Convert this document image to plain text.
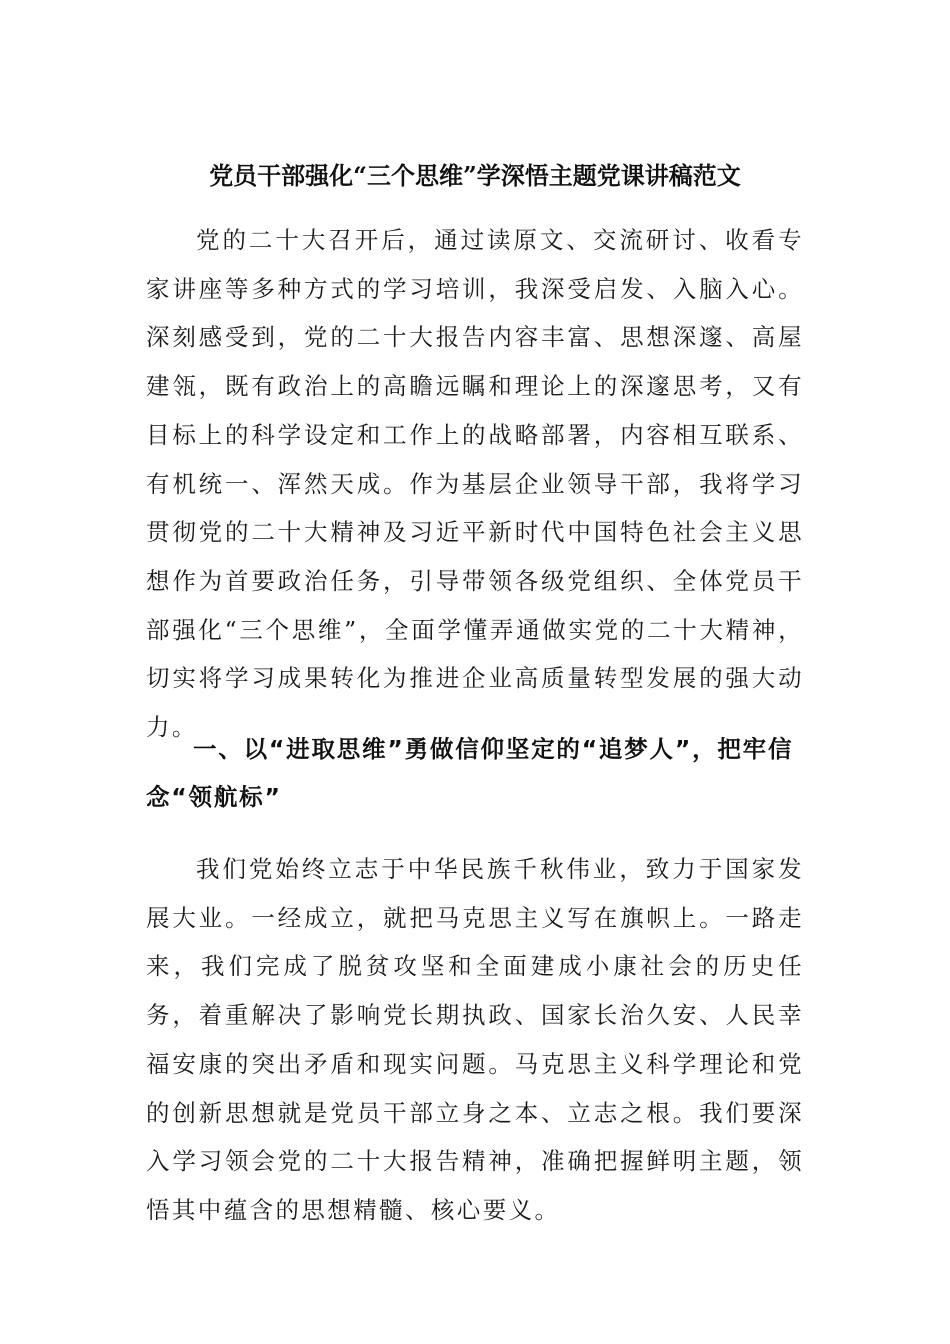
党员干部强化“三个思维”学深悟主题党课讲稿范文

党的二十大召开后，通过读原文、交流研讨、收看专家讲座等多种方式的学习培训，我深受启发、入脑入心。深刻感受到，党的二十大报告内容丰富、思想深邃、高屋建瓴，既有政治上的高瞻远瞩和理论上的深邃思考，又有目标上的科学设定和工作上的战略部署，内容相互联系、有机统一、浑然天成。作为基层企业领导干部，我将学习贯彻党的二十大精神及习近平新时代中国特色社会主义思想作为首要政治任务，引导带领各级党组织、全体党员干部强化“三个思维”，全面学懂弄通做实党的二十大精神，切实将学习成果转化为推进企业高质量转型发展的强大动力。

一、以“进取思维”勇做信仰坚定的“追梦人”，把牢信念“领航标”

我们党始终立志于中华民族千秋伟业，致力于国家发展大业。一经成立，就把马克思主义写在旗帜上。一路走来，我们完成了脱贫攻坚和全面建成小康社会的历史任务，着重解决了影响党长期执政、国家长治久安、人民幸福安康的突出矛盾和现实问题。马克思主义科学理论和党的创新思想就是党员干部立身之本、立志之根。我们要深入学习领会党的二十大报告精神，准确把握鲜明主题，领悟其中蕴含的思想精髓、核心要义。
